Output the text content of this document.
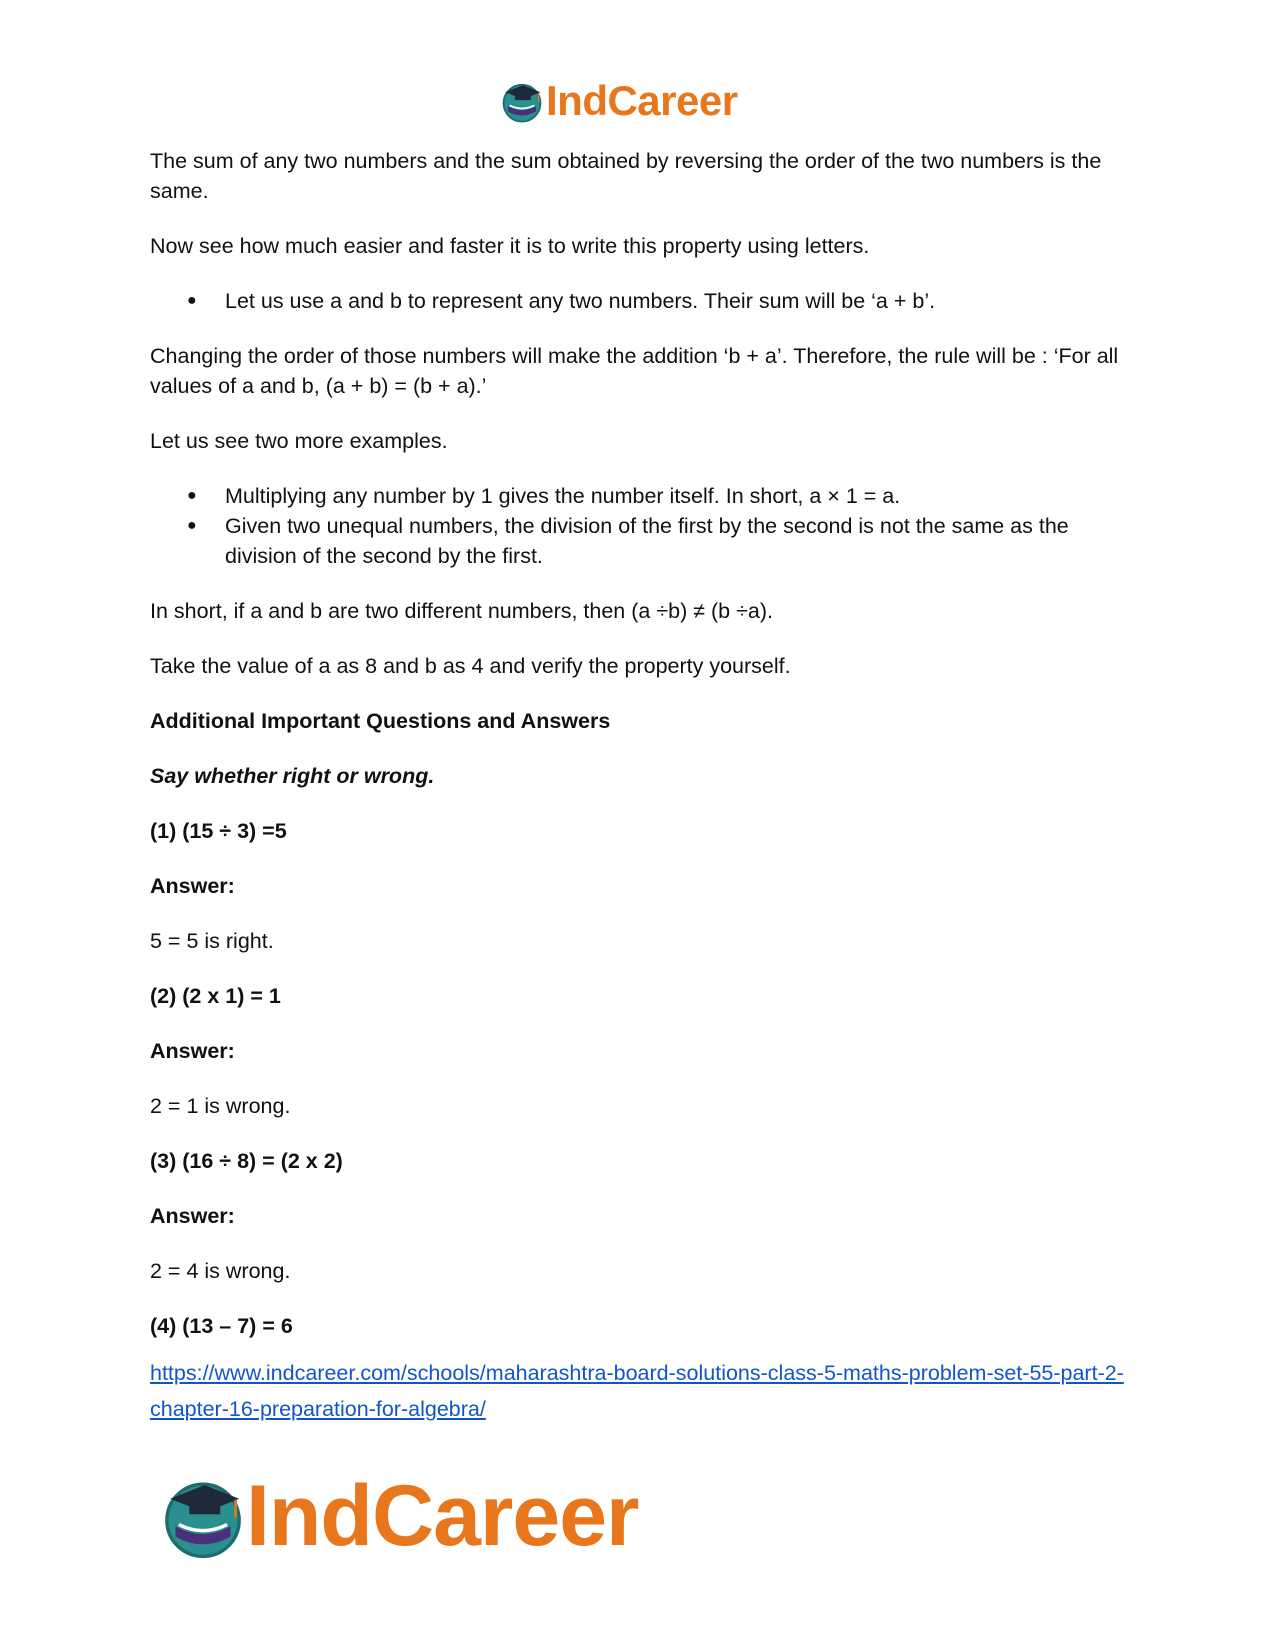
IndCareer

The sum of any two numbers and the sum obtained by reversing the order of the two numbers is the same.

Now see how much easier and faster it is to write this property using letters.

● Let us use a and b to represent any two numbers. Their sum will be ‘a + b’.

Changing the order of those numbers will make the addition ‘b + a’. Therefore, the rule will be : ‘For all values of a and b, (a + b) = (b + a).’

Let us see two more examples.

● Multiplying any number by 1 gives the number itself. In short, a × 1 = a.
● Given two unequal numbers, the division of the first by the second is not the same as the division of the second by the first.

In short, if a and b are two different numbers, then (a ÷b) ≠ (b ÷a).

Take the value of a as 8 and b as 4 and verify the property yourself.

Additional Important Questions and Answers

Say whether right or wrong.

(1) (15 ÷ 3) =5

Answer:

5 = 5 is right.

(2) (2 x 1) = 1

Answer:

2 = 1 is wrong.

(3) (16 ÷ 8) = (2 x 2)

Answer:

2 = 4 is wrong.

(4) (13 – 7) = 6

https://www.indcareer.com/schools/maharashtra-board-solutions-class-5-maths-problem-set-55-part-2-chapter-16-preparation-for-algebra/
IndCareer
